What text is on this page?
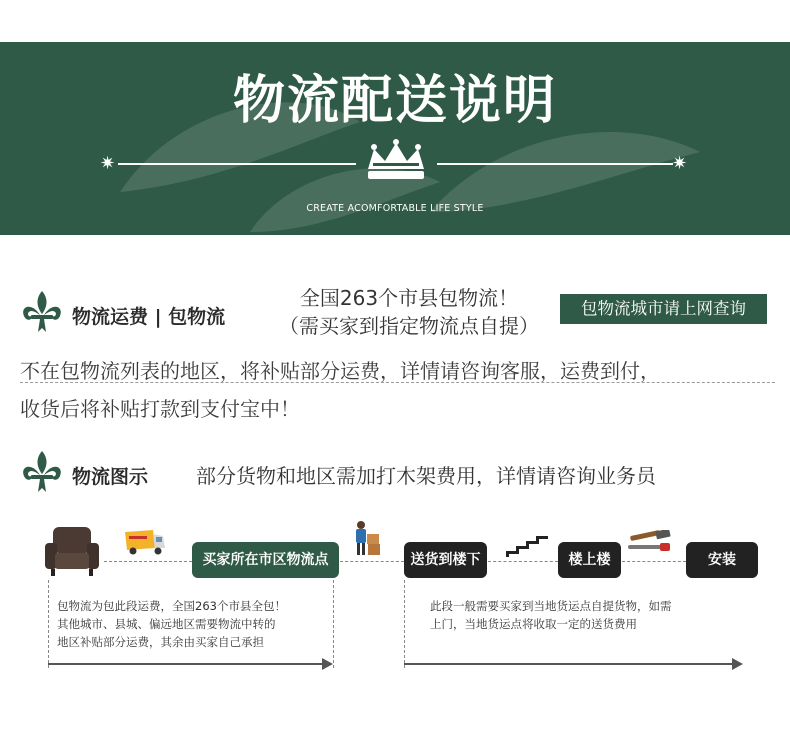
物流配送说明
✷	✷
CREATE ACOMFORTABLE LIFE STYLE
物流运费 | 包物流
全国263个市县包物流！
（需买家到指定物流点自提）
包物流城市请上网查询
不在包物流列表的地区，将补贴部分运费，详情请咨询客服，运费到付，
收货后将补贴打款到支付宝中！
物流图示 部分货物和地区需加打木架费用，详情请咨询业务员
买家所在市区物流点	送货到楼下	楼上楼	安装
包物流为包此段运费，全国263个市县全包！
其他城市、县城、偏远地区需要物流中转的
地区补贴部分运费，其余由买家自己承担
此段一般需要买家到当地货运点自提货物，如需
上门，当地货运点将收取一定的送货费用
